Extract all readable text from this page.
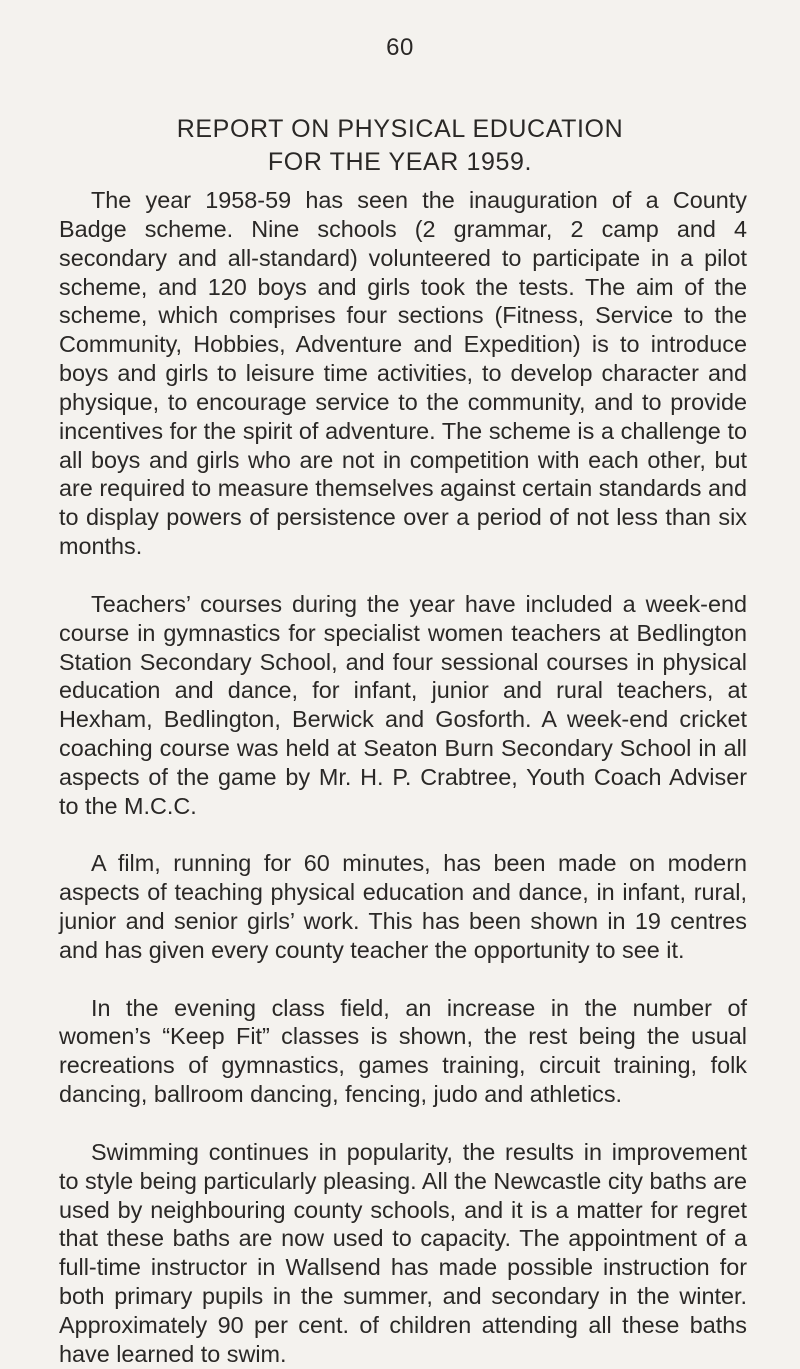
60
REPORT ON PHYSICAL EDUCATION
FOR THE YEAR 1959.

The year 1958-59 has seen the inauguration of a County Badge scheme. Nine schools (2 grammar, 2 camp and 4 secondary and all-standard) volunteered to participate in a pilot scheme, and 120 boys and girls took the tests. The aim of the scheme, which comprises four sections (Fitness, Service to the Community, Hobbies, Adventure and Expedition) is to introduce boys and girls to leisure time activities, to develop character and physique, to encourage service to the community, and to provide incentives for the spirit of adventure. The scheme is a challenge to all boys and girls who are not in competition with each other, but are required to measure themselves against certain standards and to display powers of persistence over a period of not less than six months.

Teachers’ courses during the year have included a week-end course in gymnastics for specialist women teachers at Bedlington Station Secondary School, and four sessional courses in physical education and dance, for infant, junior and rural teachers, at Hexham, Bedlington, Berwick and Gosforth. A week-end cricket coaching course was held at Seaton Burn Secondary School in all aspects of the game by Mr. H. P. Crabtree, Youth Coach Adviser to the M.C.C.

A film, running for 60 minutes, has been made on modern aspects of teaching physical education and dance, in infant, rural, junior and senior girls’ work. This has been shown in 19 centres and has given every county teacher the opportunity to see it.

In the evening class field, an increase in the number of women’s “Keep Fit” classes is shown, the rest being the usual recreations of gymnastics, games training, circuit training, folk dancing, ballroom dancing, fencing, judo and athletics.

Swimming continues in popularity, the results in improvement to style being particularly pleasing. All the Newcastle city baths are used by neighbouring county schools, and it is a matter for regret that these baths are now used to capacity. The appointment of a full-time instructor in Wallsend has made possible instruction for both primary pupils in the summer, and secondary in the winter. Approximately 90 per cent. of children attending all these baths have learned to swim.
